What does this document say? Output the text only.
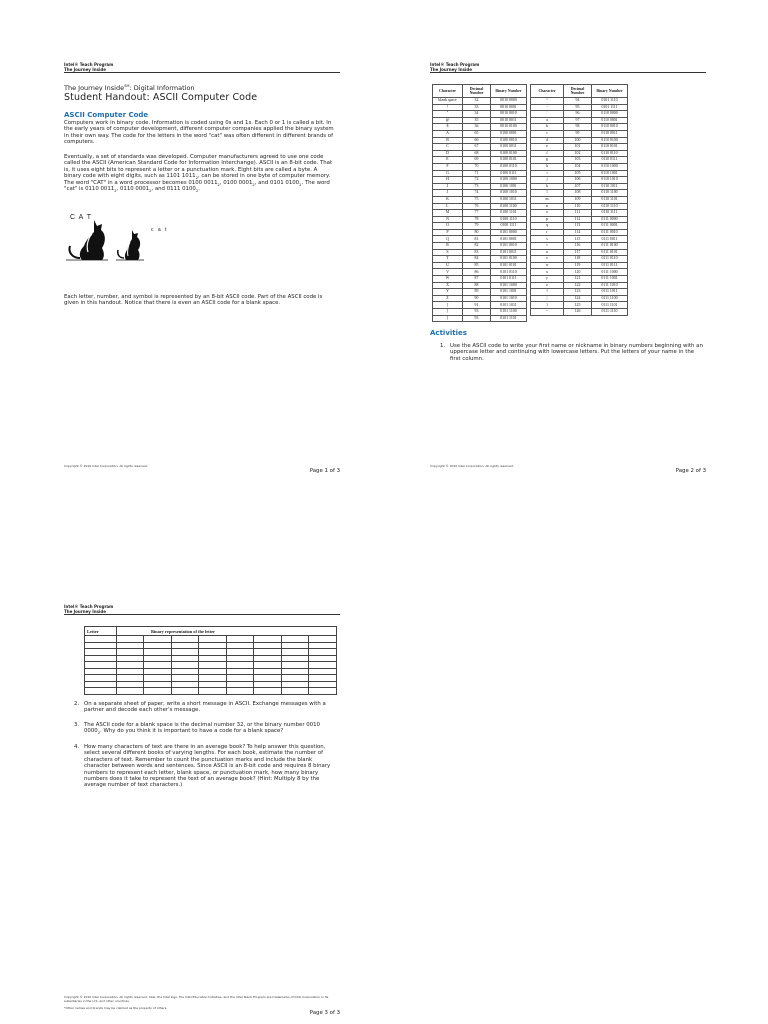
Intel® Teach Program
The Journey Inside
The Journey Inside℠: Digital Information
Student Handout: ASCII Computer Code
ASCII Computer Code
Computers work in binary code. Information is coded using 0s and 1s. Each 0 or 1 is called a bit. In the early years of computer development, different computer companies applied the binary system in their own way. The code for the letters in the word "cat" was often different in different brands of computers.
Eventually, a set of standards was developed. Computer manufacturers agreed to use one code called the ASCII (American Standard Code for Information Interchange). ASCII is an 8-bit code. That is, it uses eight bits to represent a letter or a punctuation mark. Eight bits are called a byte. A binary code with eight digits, such as 1101 $1011_2$, can be stored in one byte of computer memory. The word "CAT" in a word processor becomes 0100 $0011_2$, 0100 $0001_2$, and 0101 $0100_2$. The word "cat" is 0110 $0011_2$, 0110 $0001_2$, and 0111 $0100_2$.
C A T
c a t
Each letter, number, and symbol is represented by an 8-bit ASCII code. Part of the ASCII code is given in this handout. Notice that there is even an ASCII code for a blank space.
Copyright © 2010 Intel Corporation. All rights reserved.
Page 1 of 3
Intel® Teach Program
The Journey Inside
Character	Decimal Number	Binary Number		Character	Decimal Number	Binary Number
blank space	32	0010 0000		^	94	0101 1110
!	33	0010 0001		-	95	0101 1111
"	34	0010 0010		`	96	0110 0000
@	35	0010 0011		a	97	0110 0001
$	36	0010 0100		b	98	0110 0010
A	65	0100 0001		c	99	0110 0011
B	66	0100 0010		d	100	0110 0100
C	67	0100 0011		e	101	0110 0101
D	68	0100 0100		f	102	0110 0110
E	69	0100 0101		g	103	0110 0111
F	70	0100 0110		h	104	0110 1000
G	71	0100 0111		i	105	0110 1001
H	72	0100 1000		j	106	0110 1010
I	73	0100 1001		k	107	0110 1011
J	74	0100 1010		l	108	0110 1100
K	75	0100 1011		m	109	0110 1101
L	76	0100 1100		n	110	0110 1110
M	77	0100 1101		o	111	0110 1111
N	78	0100 1110		p	112	0111 0000
O	79	0100 1111		q	113	0111 0001
P	80	0101 0000		r	114	0111 0010
Q	81	0101 0001		s	115	0111 0011
R	82	0101 0010		t	116	0111 0100
S	83	0101 0011		u	117	0111 0101
T	84	0101 0100		v	118	0111 0110
U	85	0101 0101		w	119	0111 0111
V	86	0101 0110		x	120	0111 1000
W	87	0101 0111		y	121	0111 1001
X	88	0101 1000		z	122	0111 1010
Y	89	0101 1001		{	123	0111 1011
Z	90	0101 1010		|	124	0111 1100
[	91	0101 1011		}	125	0111 1101
]	93	0101 1100		~	126	0111 1110
]	93	0101 1101				
Activities
1. Use the ASCII code to write your first name or nickname in binary numbers beginning with an uppercase letter and continuing with lowercase letters. Put the letters of your name in the first column.
Copyright © 2010 Intel Corporation. All rights reserved.
Page 2 of 3
Intel® Teach Program
The Journey Inside
Letter	Binary representation of the letter							

2. On a separate sheet of paper, write a short message in ASCII. Exchange messages with a partner and decode each other's message.
3. The ASCII code for a blank space is the decimal number 32, or the binary number 0010 $0000_2$. Why do you think it is important to have a code for a blank space?
4. How many characters of text are there in an average book? To help answer this question, select several different books of varying lengths. For each book, estimate the number of characters of text. Remember to count the punctuation marks and include the blank character between words and sentences. Since ASCII is an 8-bit code and requires 8 binary numbers to represent each letter, blank space, or punctuation mark, how many binary numbers does it take to represent the text of an average book? (Hint: Multiply 8 by the average number of text characters.)
Copyright © 2010 Intel Corporation. All rights reserved. Intel, the Intel logo, the Intel Education Initiative, and the Intel Teach Program are trademarks of Intel Corporation or its subsidiaries in the U.S. and other countries.
*Other names and brands may be claimed as the property of others.
Page 3 of 3
